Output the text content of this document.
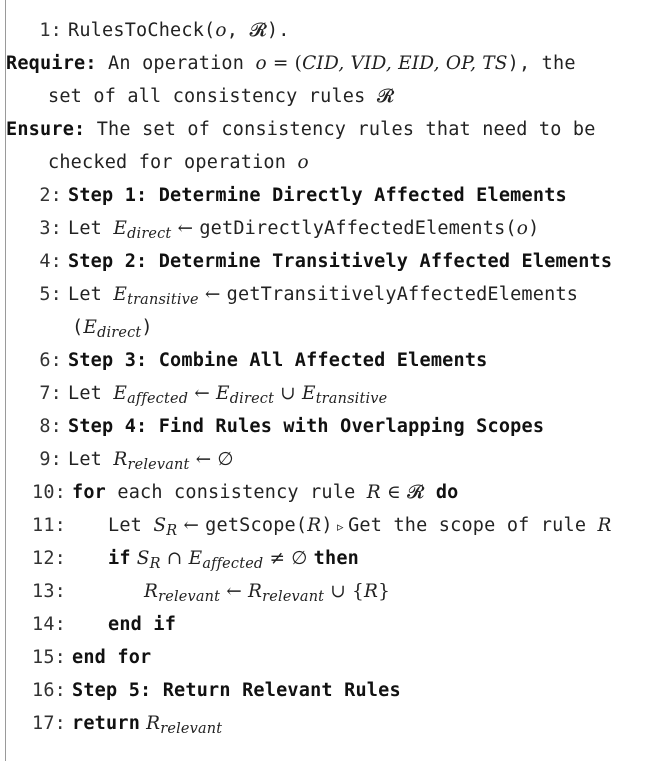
1: RulesToCheck(o, 𝓡).
Require: An operation o = (CID, VID, EID, OP, TS), the
set of all consistency rules 𝓡
Ensure: The set of consistency rules that need to be
checked for operation o
2: Step 1: Determine Directly Affected Elements
3: Let $E_{direct}$ ← getDirectlyAffectedElements(o)
4: Step 2: Determine Transitively Affected Elements
5: Let $E_{transitive}$ ← getTransitivelyAffectedElements
$(E_{direct})$
6: Step 3: Combine All Affected Elements
7: Let $E_{affected}$ ← $E_{direct}$ ∪ $E_{transitive}$
8: Step 4: Find Rules with Overlapping Scopes
9: Let $R_{relevant}$ ← ∅
10: for each consistency rule R ∈ 𝓡 do
11: Let $S_R$ ← getScope(R) ▹ Get the scope of rule R
12: if $S_R$ ∩ $E_{affected}$ ≠ ∅ then
13:	$R_{relevant}$ ← $R_{relevant}$ ∪ {R}
14: end if
15: end for
16: Step 5: Return Relevant Rules
17: return $R_{relevant}$
